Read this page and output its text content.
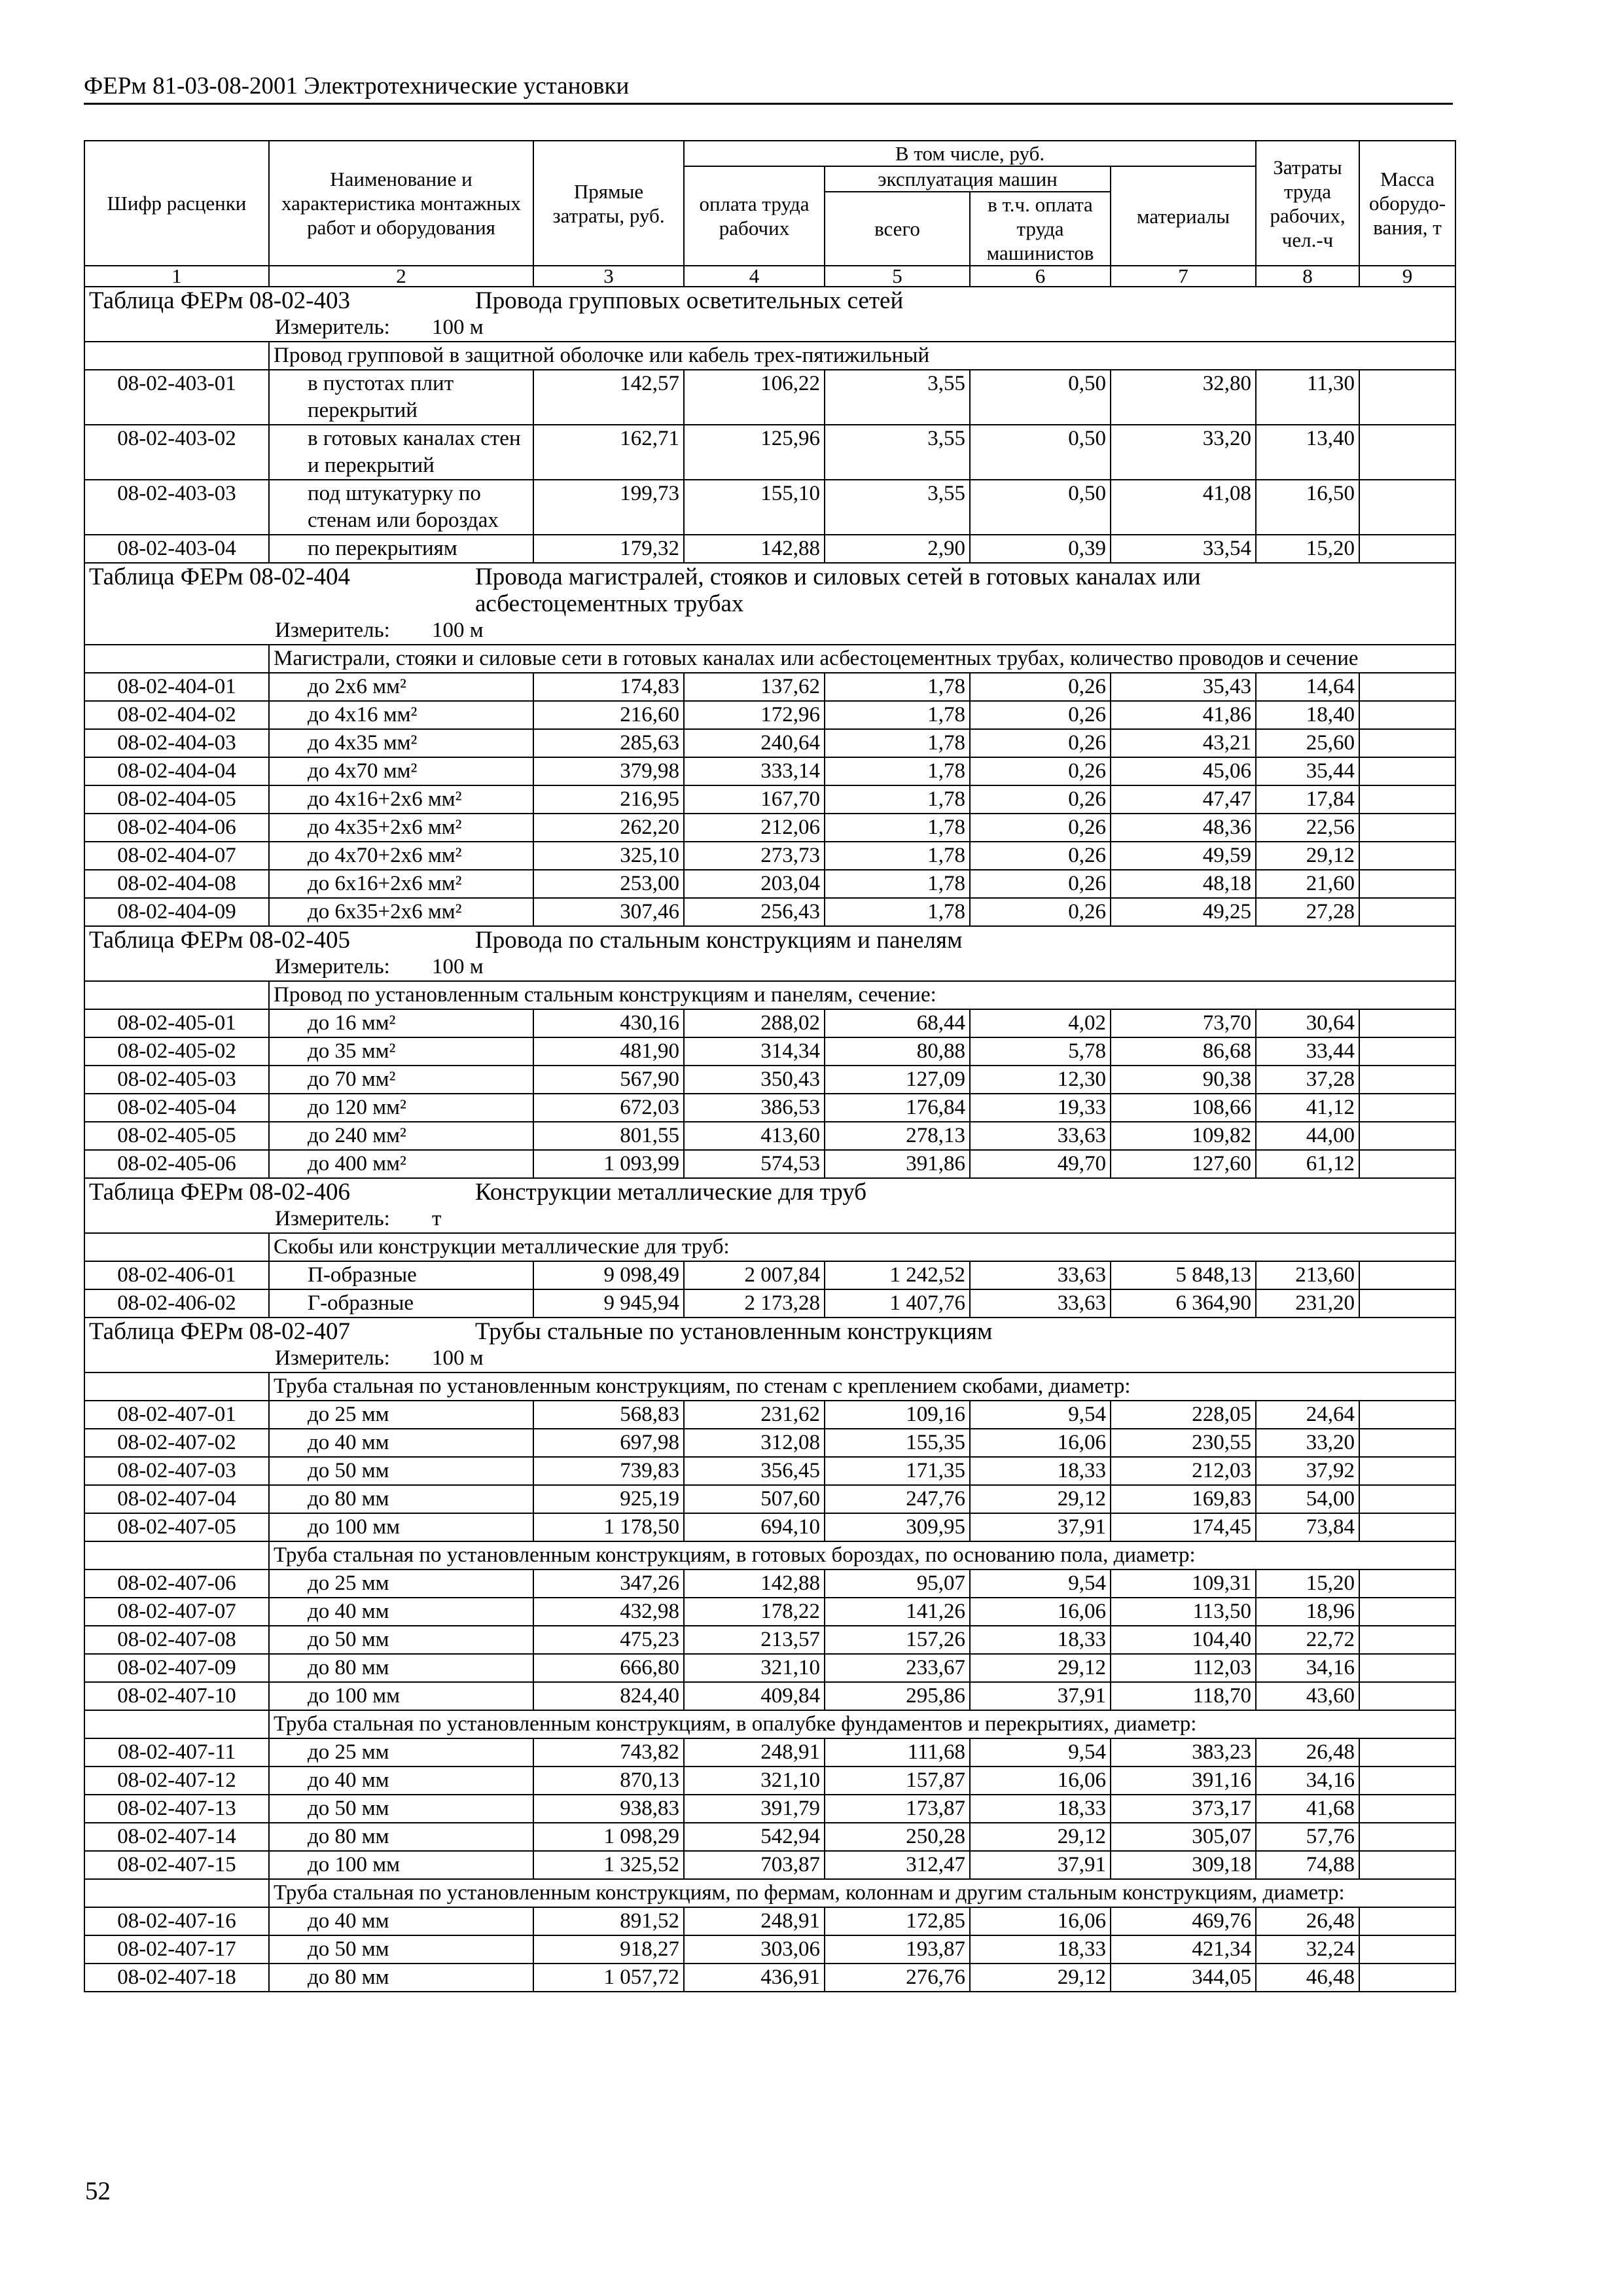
ФЕРм 81-03-08-2001 Электротехнические установки
Шифр расценки	Наименование и характеристика монтажных работ и оборудования	Прямые затраты, руб.	В том числе, руб.				Затраты труда рабочих, чел.-ч	Масса оборудо-вания, т
			оплата труда рабочих	эксплуатация машин		материалы		
				всего	в т.ч. оплата труда машинистов			
1	2	3	4	5	6	7	8	9
Таблица ФЕРм 08-02-403 Провода групповых осветительных сетей								

Измеритель: 100 м								

	Провод групповой в защитной оболочке или кабель трех-пятижильный							
08-02-403-01	в пустотах плит перекрытий	142,57	106,22	3,55	0,50	32,80	11,30	
08-02-403-02	в готовых каналах стен и перекрытий	162,71	125,96	3,55	0,50	33,20	13,40	
08-02-403-03	под штукатурку по стенам или бороздах	199,73	155,10	3,55	0,50	41,08	16,50	
08-02-403-04	по перекрытиям	179,32	142,88	2,90	0,39	33,54	15,20	
Таблица ФЕРм 08-02-404 Провода магистралей, стояков и силовых сетей в готовых каналах или асбестоцементных трубах								

Измеритель: 100 м								

	Магистрали, стояки и силовые сети в готовых каналах или асбестоцементных трубах, количество проводов и сечение							
08-02-404-01	до 2х6 мм²	174,83	137,62	1,78	0,26	35,43	14,64	
08-02-404-02	до 4х16 мм²	216,60	172,96	1,78	0,26	41,86	18,40	
08-02-404-03	до 4х35 мм²	285,63	240,64	1,78	0,26	43,21	25,60	
08-02-404-04	до 4х70 мм²	379,98	333,14	1,78	0,26	45,06	35,44	
08-02-404-05	до 4х16+2х6 мм²	216,95	167,70	1,78	0,26	47,47	17,84	
08-02-404-06	до 4х35+2х6 мм²	262,20	212,06	1,78	0,26	48,36	22,56	
08-02-404-07	до 4х70+2х6 мм²	325,10	273,73	1,78	0,26	49,59	29,12	
08-02-404-08	до 6х16+2х6 мм²	253,00	203,04	1,78	0,26	48,18	21,60	
08-02-404-09	до 6х35+2х6 мм²	307,46	256,43	1,78	0,26	49,25	27,28	
Таблица ФЕРм 08-02-405 Провода по стальным конструкциям и панелям								

Измеритель: 100 м								

	Провод по установленным стальным конструкциям и панелям, сечение:							
08-02-405-01	до 16 мм²	430,16	288,02	68,44	4,02	73,70	30,64	
08-02-405-02	до 35 мм²	481,90	314,34	80,88	5,78	86,68	33,44	
08-02-405-03	до 70 мм²	567,90	350,43	127,09	12,30	90,38	37,28	
08-02-405-04	до 120 мм²	672,03	386,53	176,84	19,33	108,66	41,12	
08-02-405-05	до 240 мм²	801,55	413,60	278,13	33,63	109,82	44,00	
08-02-405-06	до 400 мм²	1 093,99	574,53	391,86	49,70	127,60	61,12	
Таблица ФЕРм 08-02-406 Конструкции металлические для труб								

Измеритель: т								

	Скобы или конструкции металлические для труб:							
08-02-406-01	П-образные	9 098,49	2 007,84	1 242,52	33,63	5 848,13	213,60	
08-02-406-02	Г-образные	9 945,94	2 173,28	1 407,76	33,63	6 364,90	231,20	
Таблица ФЕРм 08-02-407 Трубы стальные по установленным конструкциям								

Измеритель: 100 м								

	Труба стальная по установленным конструкциям, по стенам с креплением скобами, диаметр:							
08-02-407-01	до 25 мм	568,83	231,62	109,16	9,54	228,05	24,64	
08-02-407-02	до 40 мм	697,98	312,08	155,35	16,06	230,55	33,20	
08-02-407-03	до 50 мм	739,83	356,45	171,35	18,33	212,03	37,92	
08-02-407-04	до 80 мм	925,19	507,60	247,76	29,12	169,83	54,00	
08-02-407-05	до 100 мм	1 178,50	694,10	309,95	37,91	174,45	73,84	
	Труба стальная по установленным конструкциям, в готовых бороздах, по основанию пола, диаметр:							
08-02-407-06	до 25 мм	347,26	142,88	95,07	9,54	109,31	15,20	
08-02-407-07	до 40 мм	432,98	178,22	141,26	16,06	113,50	18,96	
08-02-407-08	до 50 мм	475,23	213,57	157,26	18,33	104,40	22,72	
08-02-407-09	до 80 мм	666,80	321,10	233,67	29,12	112,03	34,16	
08-02-407-10	до 100 мм	824,40	409,84	295,86	37,91	118,70	43,60	
	Труба стальная по установленным конструкциям, в опалубке фундаментов и перекрытиях, диаметр:							
08-02-407-11	до 25 мм	743,82	248,91	111,68	9,54	383,23	26,48	
08-02-407-12	до 40 мм	870,13	321,10	157,87	16,06	391,16	34,16	
08-02-407-13	до 50 мм	938,83	391,79	173,87	18,33	373,17	41,68	
08-02-407-14	до 80 мм	1 098,29	542,94	250,28	29,12	305,07	57,76	
08-02-407-15	до 100 мм	1 325,52	703,87	312,47	37,91	309,18	74,88	
	Труба стальная по установленным конструкциям, по фермам, колоннам и другим стальным конструкциям, диаметр:							
08-02-407-16	до 40 мм	891,52	248,91	172,85	16,06	469,76	26,48	
08-02-407-17	до 50 мм	918,27	303,06	193,87	18,33	421,34	32,24	
08-02-407-18	до 80 мм	1 057,72	436,91	276,76	29,12	344,05	46,48	
52
